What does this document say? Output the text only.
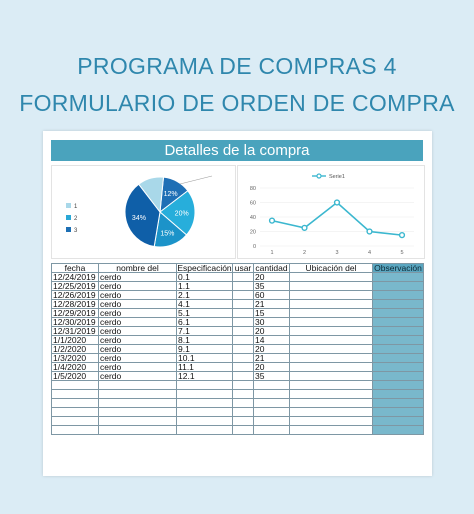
PROGRAMA DE COMPRAS 4
FORMULARIO DE ORDEN DE COMPRA
Detalles de la compra
12%
20%
15%
34%
1
2
3
0
20
40
60
80
1	2	3	4	5
Serie1
fecha	nombre del	Especificación	usar	cantidad	Ubicación del	Observación
12/24/2019	cerdo	0.1		20		
12/25/2019	cerdo	1.1		35		
12/26/2019	cerdo	2.1		60		
12/28/2019	cerdo	4.1		21		
12/29/2019	cerdo	5.1		15		
12/30/2019	cerdo	6.1		30		
12/31/2019	cerdo	7.1		20		
1/1/2020	cerdo	8.1		14		
1/2/2020	cerdo	9.1		20		
1/3/2020	cerdo	10.1		21		
1/4/2020	cerdo	11.1		20		
1/5/2020	cerdo	12.1		35		
